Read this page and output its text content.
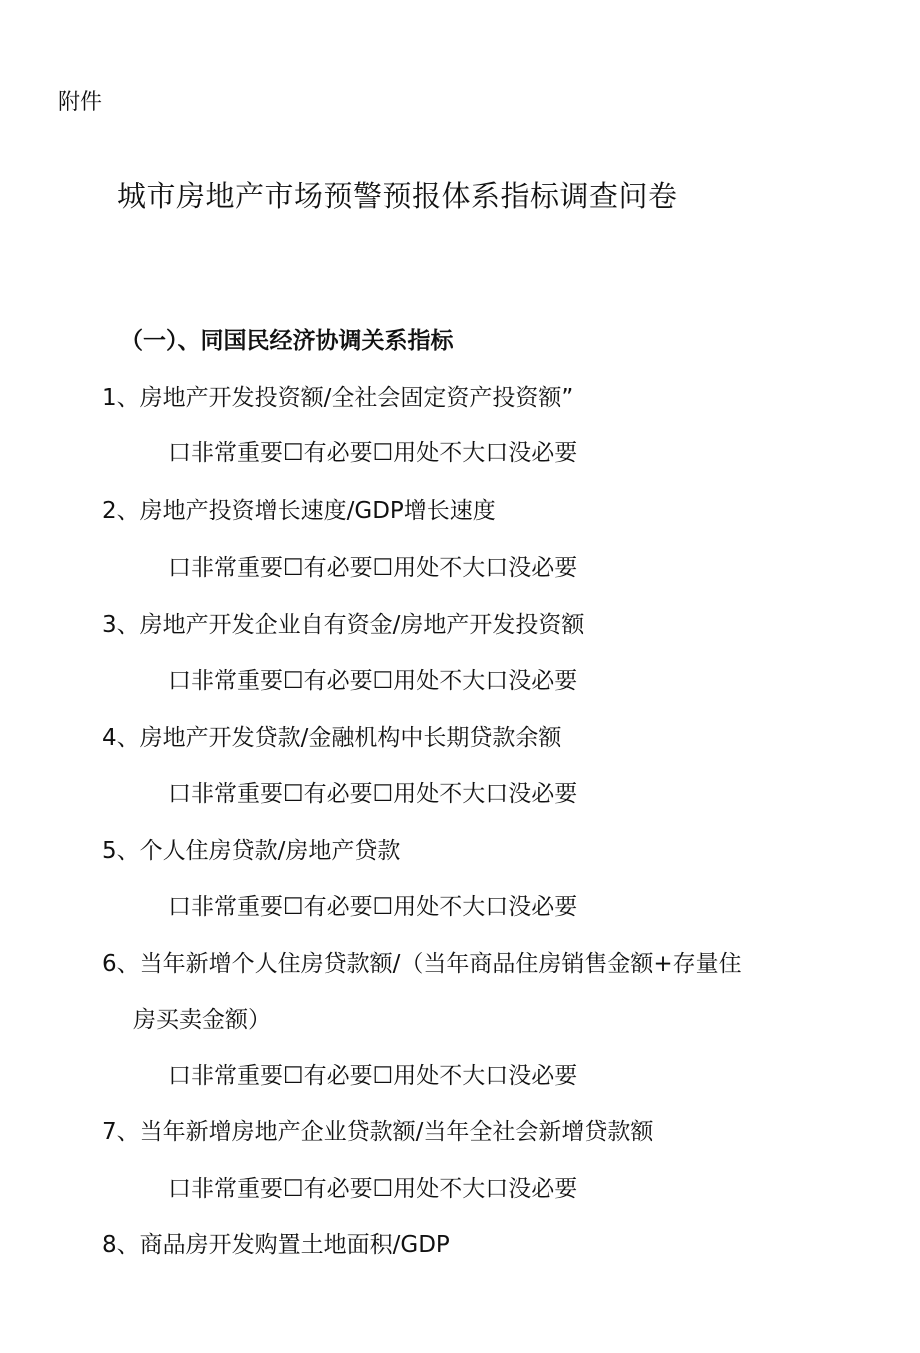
附件
城市房地产市场预警预报体系指标调查问卷
（一）、同国民经济协调关系指标
1、房地产开发投资额/全社会固定资产投资额”
口非常重要☐有必要☐用处不大口没必要
2、房地产投资增长速度/GDP增长速度
口非常重要☐有必要☐用处不大口没必要
3、房地产开发企业自有资金/房地产开发投资额
口非常重要☐有必要☐用处不大口没必要
4、房地产开发贷款/金融机构中长期贷款余额
口非常重要☐有必要☐用处不大口没必要
5、个人住房贷款/房地产贷款
口非常重要☐有必要☐用处不大口没必要
6、当年新增个人住房贷款额/（当年商品住房销售金额+存量住
房买卖金额）
口非常重要☐有必要☐用处不大口没必要
7、当年新增房地产企业贷款额/当年全社会新增贷款额
口非常重要☐有必要☐用处不大口没必要
8、商品房开发购置土地面积/GDP
